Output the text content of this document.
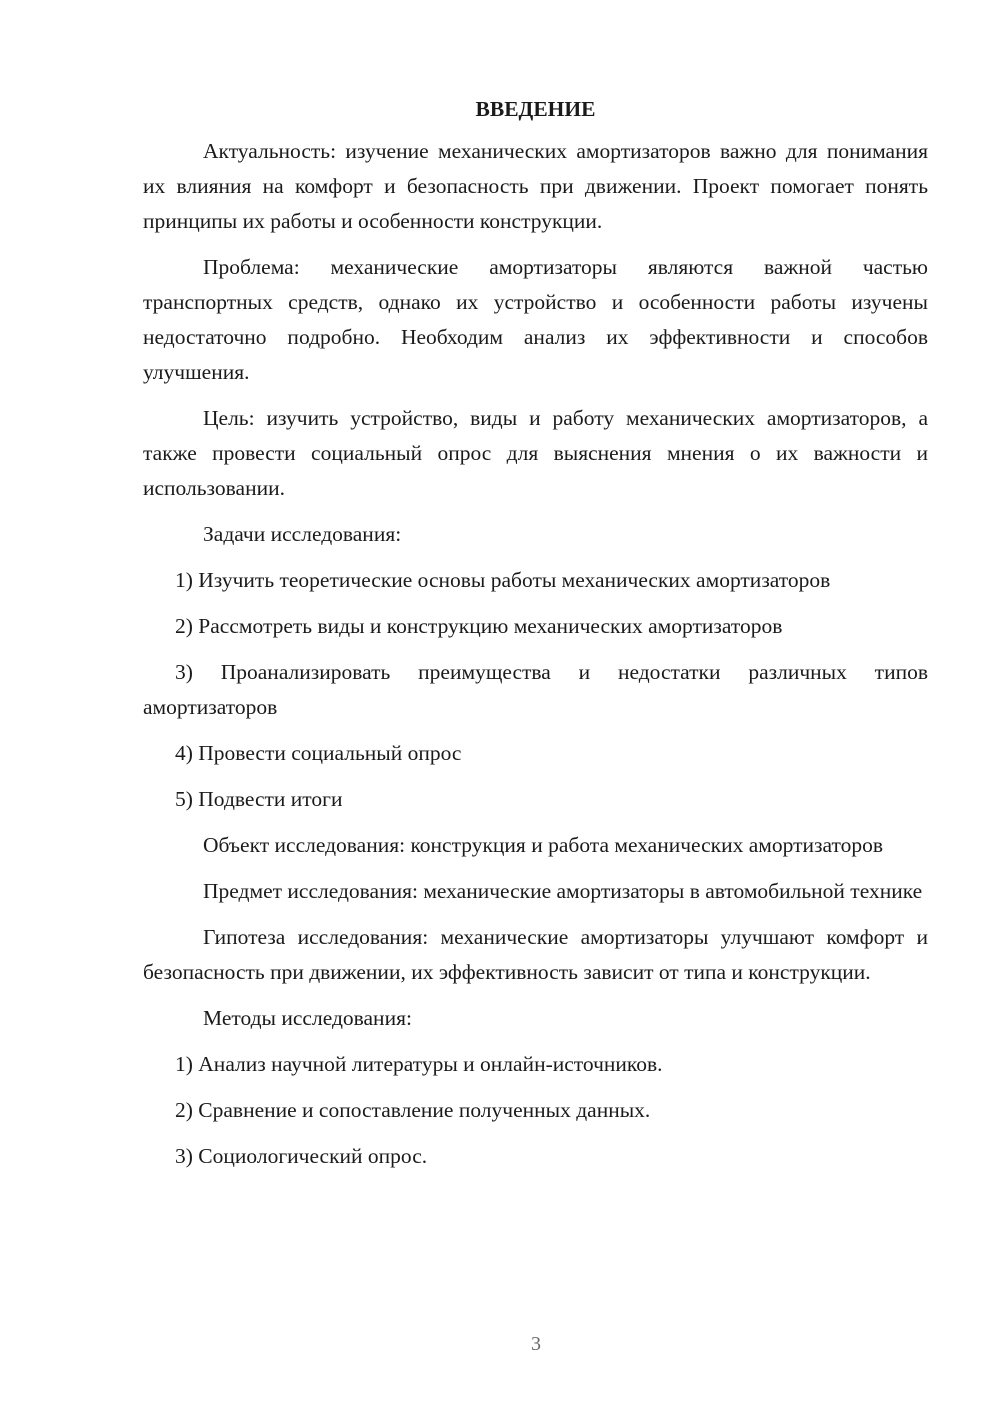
ВВЕДЕНИЕ

Актуальность: изучение механических амортизаторов важно для понимания их влияния на комфорт и безопасность при движении. Проект помогает понять принципы их работы и особенности конструкции.

Проблема: механические амортизаторы являются важной частью транспортных средств, однако их устройство и особенности работы изучены недостаточно подробно. Необходим анализ их эффективности и способов улучшения.

Цель: изучить устройство, виды и работу механических амортизаторов, а также провести социальный опрос для выяснения мнения о их важности и использовании.

Задачи исследования:

1) Изучить теоретические основы работы механических амортизаторов

2) Рассмотреть виды и конструкцию механических амортизаторов

3) Проанализировать преимущества и недостатки различных типов амортизаторов

4) Провести социальный опрос

5) Подвести итоги

Объект исследования: конструкция и работа механических амортизаторов

Предмет исследования: механические амортизаторы в автомобильной технике

Гипотеза исследования: механические амортизаторы улучшают комфорт и безопасность при движении, их эффективность зависит от типа и конструкции.

Методы исследования:

1) Анализ научной литературы и онлайн-источников.

2) Сравнение и сопоставление полученных данных.

3) Социологический опрос.

3
